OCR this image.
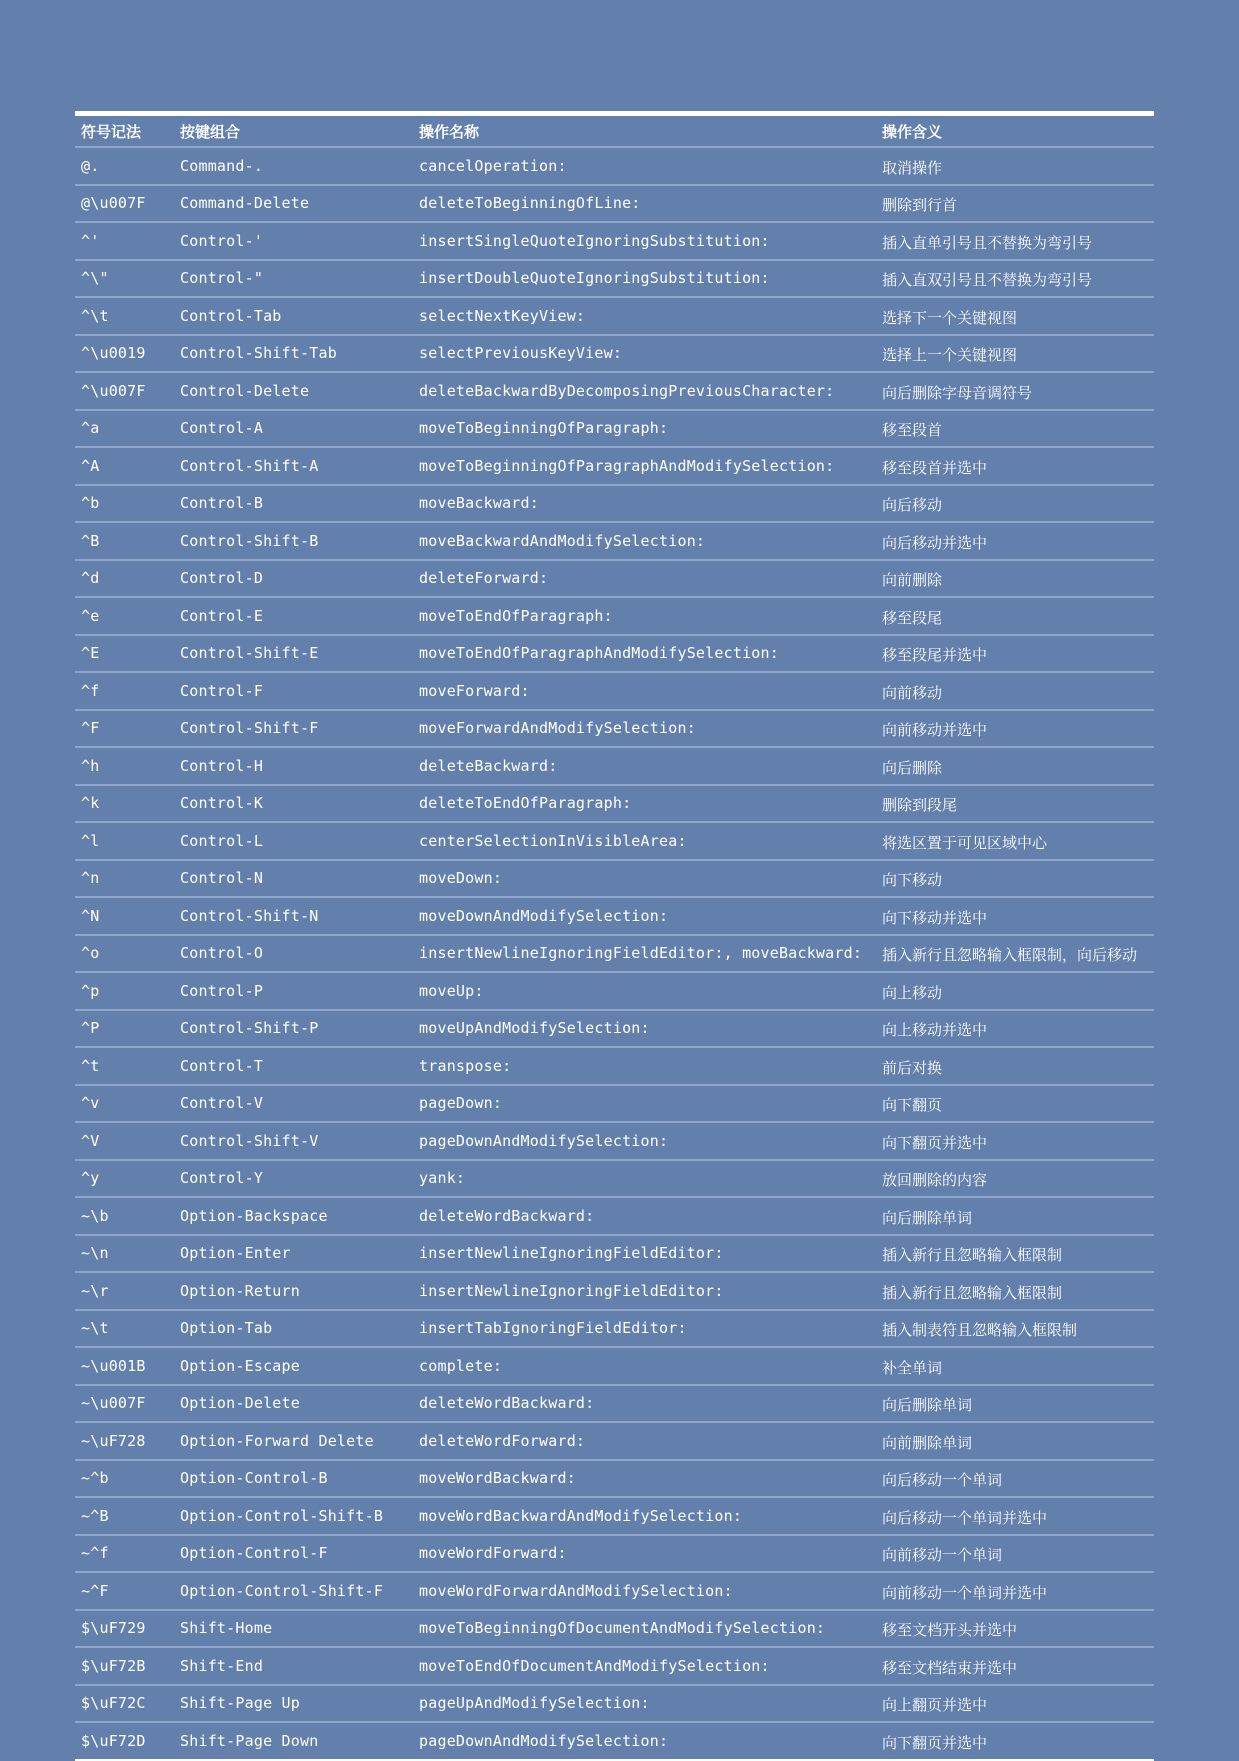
符号记法	按键组合	操作名称	操作含义
@.	Command-.	cancelOperation:	取消操作
@\u007F	Command-Delete	deleteToBeginningOfLine:	删除到行首
^'	Control-'	insertSingleQuoteIgnoringSubstitution:	插入直单引号且不替换为弯引号
^\"	Control-"	insertDoubleQuoteIgnoringSubstitution:	插入直双引号且不替换为弯引号
^\t	Control-Tab	selectNextKeyView:	选择下一个关键视图
^\u0019	Control-Shift-Tab	selectPreviousKeyView:	选择上一个关键视图
^\u007F	Control-Delete	deleteBackwardByDecomposingPreviousCharacter:	向后删除字母音调符号
^a	Control-A	moveToBeginningOfParagraph:	移至段首
^A	Control-Shift-A	moveToBeginningOfParagraphAndModifySelection:	移至段首并选中
^b	Control-B	moveBackward:	向后移动
^B	Control-Shift-B	moveBackwardAndModifySelection:	向后移动并选中
^d	Control-D	deleteForward:	向前删除
^e	Control-E	moveToEndOfParagraph:	移至段尾
^E	Control-Shift-E	moveToEndOfParagraphAndModifySelection:	移至段尾并选中
^f	Control-F	moveForward:	向前移动
^F	Control-Shift-F	moveForwardAndModifySelection:	向前移动并选中
^h	Control-H	deleteBackward:	向后删除
^k	Control-K	deleteToEndOfParagraph:	删除到段尾
^l	Control-L	centerSelectionInVisibleArea:	将选区置于可见区域中心
^n	Control-N	moveDown:	向下移动
^N	Control-Shift-N	moveDownAndModifySelection:	向下移动并选中
^o	Control-O	insertNewlineIgnoringFieldEditor:, moveBackward:	插入新行且忽略输入框限制，向后移动
^p	Control-P	moveUp:	向上移动
^P	Control-Shift-P	moveUpAndModifySelection:	向上移动并选中
^t	Control-T	transpose:	前后对换
^v	Control-V	pageDown:	向下翻页
^V	Control-Shift-V	pageDownAndModifySelection:	向下翻页并选中
^y	Control-Y	yank:	放回删除的内容
~\b	Option-Backspace	deleteWordBackward:	向后删除单词
~\n	Option-Enter	insertNewlineIgnoringFieldEditor:	插入新行且忽略输入框限制
~\r	Option-Return	insertNewlineIgnoringFieldEditor:	插入新行且忽略输入框限制
~\t	Option-Tab	insertTabIgnoringFieldEditor:	插入制表符且忽略输入框限制
~\u001B	Option-Escape	complete:	补全单词
~\u007F	Option-Delete	deleteWordBackward:	向后删除单词
~\uF728	Option-Forward Delete	deleteWordForward:	向前删除单词
~^b	Option-Control-B	moveWordBackward:	向后移动一个单词
~^B	Option-Control-Shift-B	moveWordBackwardAndModifySelection:	向后移动一个单词并选中
~^f	Option-Control-F	moveWordForward:	向前移动一个单词
~^F	Option-Control-Shift-F	moveWordForwardAndModifySelection:	向前移动一个单词并选中
$\uF729	Shift-Home	moveToBeginningOfDocumentAndModifySelection:	移至文档开头并选中
$\uF72B	Shift-End	moveToEndOfDocumentAndModifySelection:	移至文档结束并选中
$\uF72C	Shift-Page Up	pageUpAndModifySelection:	向上翻页并选中
$\uF72D	Shift-Page Down	pageDownAndModifySelection:	向下翻页并选中
